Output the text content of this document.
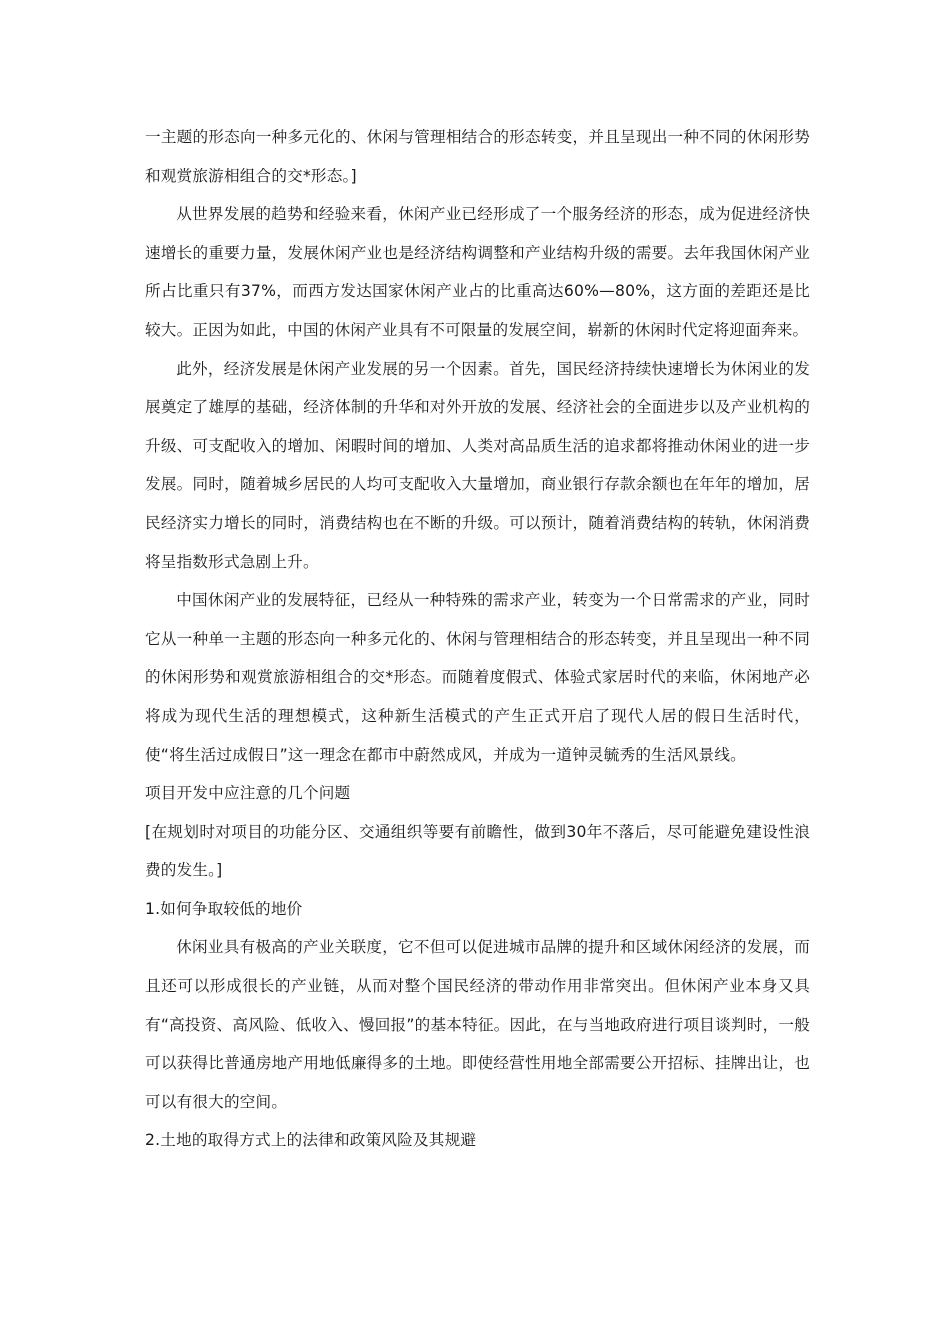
一主题的形态向一种多元化的、休闲与管理相结合的形态转变，并且呈现出一种不同的休闲形势和观赏旅游相组合的交*形态。]

从世界发展的趋势和经验来看，休闲产业已经形成了一个服务经济的形态，成为促进经济快速增长的重要力量，发展休闲产业也是经济结构调整和产业结构升级的需要。去年我国休闲产业所占比重只有37%，而西方发达国家休闲产业占的比重高达60%—80%，这方面的差距还是比较大。正因为如此，中国的休闲产业具有不可限量的发展空间，崭新的休闲时代定将迎面奔来。

此外，经济发展是休闲产业发展的另一个因素。首先，国民经济持续快速增长为休闲业的发展奠定了雄厚的基础，经济体制的升华和对外开放的发展、经济社会的全面进步以及产业机构的升级、可支配收入的增加、闲暇时间的增加、人类对高品质生活的追求都将推动休闲业的进一步发展。同时，随着城乡居民的人均可支配收入大量增加，商业银行存款余额也在年年的增加，居民经济实力增长的同时，消费结构也在不断的升级。可以预计，随着消费结构的转轨，休闲消费将呈指数形式急剧上升。

中国休闲产业的发展特征，已经从一种特殊的需求产业，转变为一个日常需求的产业，同时它从一种单一主题的形态向一种多元化的、休闲与管理相结合的形态转变，并且呈现出一种不同的休闲形势和观赏旅游相组合的交*形态。而随着度假式、体验式家居时代的来临，休闲地产必将成为现代生活的理想模式，这种新生活模式的产生正式开启了现代人居的假日生活时代，使“将生活过成假日”这一理念在都市中蔚然成风，并成为一道钟灵毓秀的生活风景线。

项目开发中应注意的几个问题

[在规划时对项目的功能分区、交通组织等要有前瞻性，做到30年不落后，尽可能避免建设性浪费的发生。]

1.如何争取较低的地价

休闲业具有极高的产业关联度，它不但可以促进城市品牌的提升和区域休闲经济的发展，而且还可以形成很长的产业链，从而对整个国民经济的带动作用非常突出。但休闲产业本身又具有“高投资、高风险、低收入、慢回报”的基本特征。因此，在与当地政府进行项目谈判时，一般可以获得比普通房地产用地低廉得多的土地。即使经营性用地全部需要公开招标、挂牌出让，也可以有很大的空间。

2.土地的取得方式上的法律和政策风险及其规避
